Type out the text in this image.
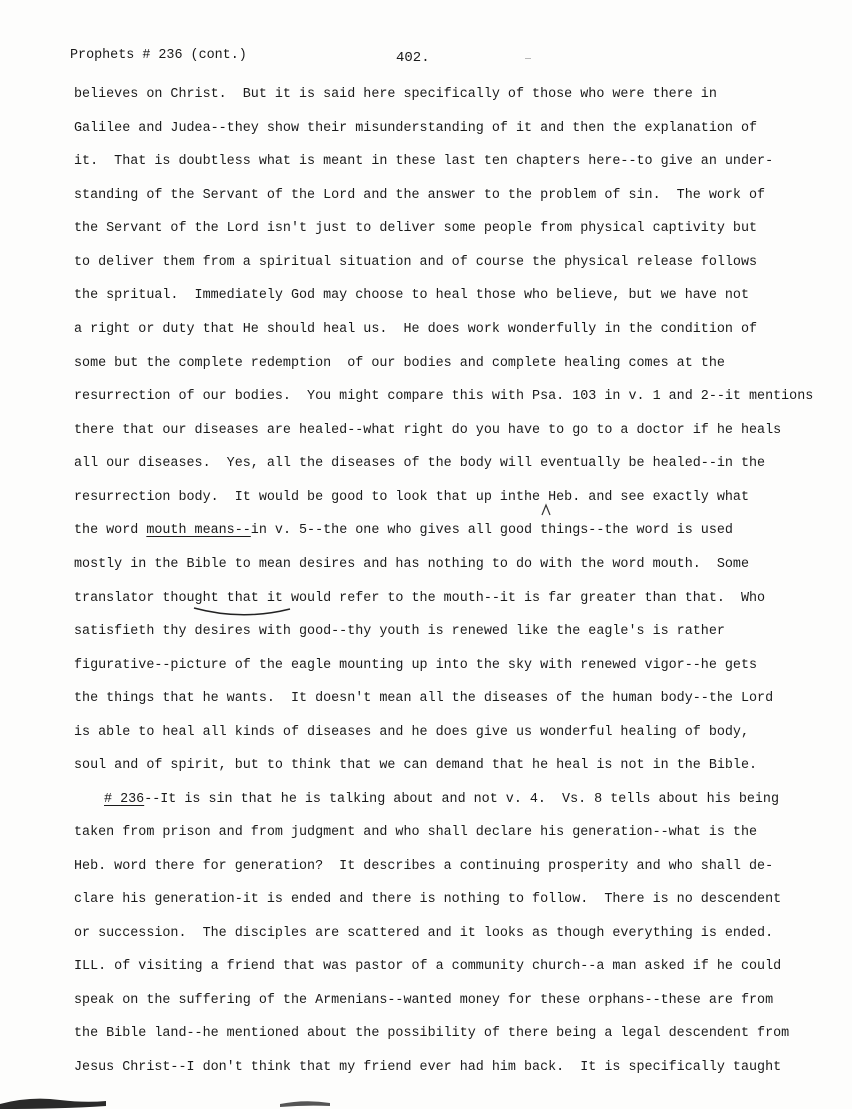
Prophets # 236 (cont.)	402.
believes on Christ.  But it is said here specifically of those who were there in
Galilee and Judea--they show their misunderstanding of it and then the explanation of
it.  That is doubtless what is meant in these last ten chapters here--to give an under-
standing of the Servant of the Lord and the answer to the problem of sin.  The work of
the Servant of the Lord isn't just to deliver some people from physical captivity but
to deliver them from a spiritual situation and of course the physical release follows
the spritual.  Immediately God may choose to heal those who believe, but we have not
a right or duty that He should heal us.  He does work wonderfully in the condition of
some but the complete redemption  of our bodies and complete healing comes at the
resurrection of our bodies.  You might compare this with Psa. 103 in v. 1 and 2--it mentions
there that our diseases are healed--what right do you have to go to a doctor if he heals
all our diseases.  Yes, all the diseases of the body will eventually be healed--in the
resurrection body.  It would be good to look that up inthe Heb. and see exactly what
the word mouth means--in v. 5--the one who gives all good things--the word is used
mostly in the Bible to mean desires and has nothing to do with the word mouth.  Some
translator thought that it would refer to the mouth--it is far greater than that.  Who
satisfieth thy desires with good--thy youth is renewed like the eagle's is rather
figurative--picture of the eagle mounting up into the sky with renewed vigor--he gets
the things that he wants.  It doesn't mean all the diseases of the human body--the Lord
is able to heal all kinds of diseases and he does give us wonderful healing of body,
soul and of spirit, but to think that we can demand that he heal is not in the Bible.
# 236--It is sin that he is talking about and not v. 4.  Vs. 8 tells about his being
taken from prison and from judgment and who shall declare his generation--what is the
Heb. word there for generation?  It describes a continuing prosperity and who shall de-
clare his generation-it is ended and there is nothing to follow.  There is no descendent
or succession.  The disciples are scattered and it looks as though everything is ended.
ILL. of visiting a friend that was pastor of a community church--a man asked if he could
speak on the suffering of the Armenians--wanted money for these orphans--these are from
the Bible land--he mentioned about the possibility of there being a legal descendent from
Jesus Christ--I don't think that my friend ever had him back.  It is specifically taught
